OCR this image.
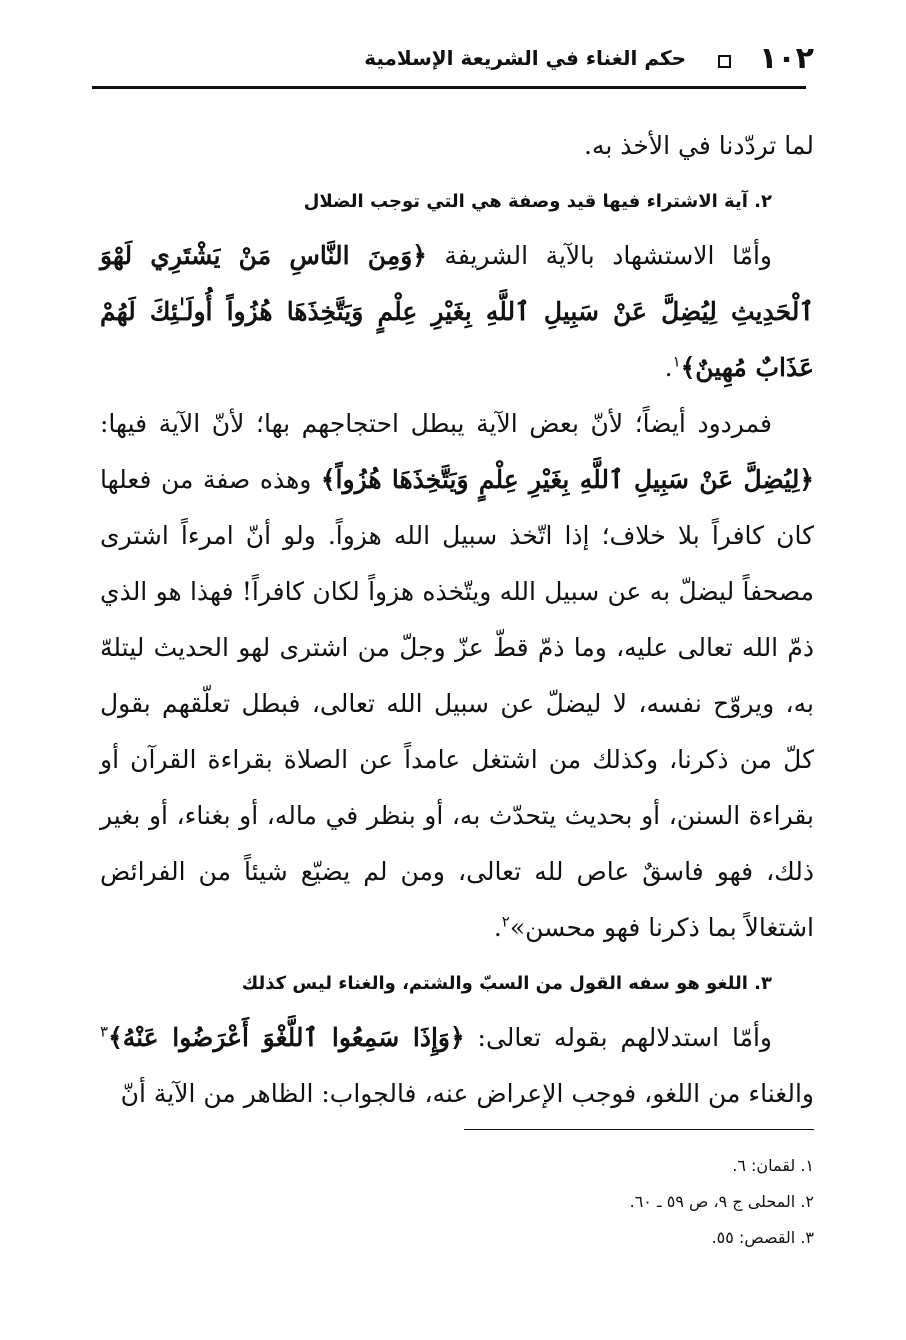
١٠٢
حكم الغناء في الشريعة الإسلامية

لما تردّدنا في الأخذ به.

٢. آية الاشتراء فيها قيد وصفة هي التي توجب الضلال

وأمّا الاستشهاد بالآية الشريفة ﴿وَمِنَ النَّاسِ مَنْ يَشْتَرِي لَهْوَ ٱلْحَدِيثِ لِيُضِلَّ عَنْ سَبِيلِ ٱللَّهِ بِغَيْرِ عِلْمٍ وَيَتَّخِذَهَا هُزُواً أُولَـٰئِكَ لَهُمْ عَذَابٌ مُهِينٌ﴾$^١$.

فمردود أيضاً؛ لأنّ بعض الآية يبطل احتجاجهم بها؛ لأنّ الآية فيها: ﴿لِيُضِلَّ عَنْ سَبِيلِ ٱللَّهِ بِغَيْرِ عِلْمٍ وَيَتَّخِذَهَا هُزُواً﴾ وهذه صفة من فعلها كان كافراً بلا خلاف؛ إذا اتّخذ سبيل الله هزواً. ولو أنّ امرءاً اشترى مصحفاً ليضلّ به عن سبيل الله ويتّخذه هزواً لكان كافراً! فهذا هو الذي ذمّ الله تعالى عليه، وما ذمّ قطّ عزّ وجلّ من اشترى لهو الحديث ليتلهّ به، ويروّح نفسه، لا ليضلّ عن سبيل الله تعالى، فبطل تعلّقهم بقول كلّ من ذكرنا، وكذلك من اشتغل عامداً عن الصلاة بقراءة القرآن أو بقراءة السنن، أو بحديث يتحدّث به، أو بنظر في ماله، أو بغناء، أو بغير ذلك، فهو فاسقٌ عاص لله تعالى، ومن لم يضيّع شيئاً من الفرائض اشتغالاً بما ذكرنا فهو محسن»$^٢$.

٣. اللغو هو سفه القول من السبّ والشتم، والغناء ليس كذلك

وأمّا استدلالهم بقوله تعالى: ﴿وَإِذَا سَمِعُوا ٱللَّغْوَ أَعْرَضُوا عَنْهُ﴾$^٣$ والغناء من اللغو، فوجب الإعراض عنه، فالجواب: الظاهر من الآية أنّ

١. لقمان: ٦.

٢. المحلى ج ٩، ص ٥٩ ـ ٦٠.

٣. القصص: ٥٥.
